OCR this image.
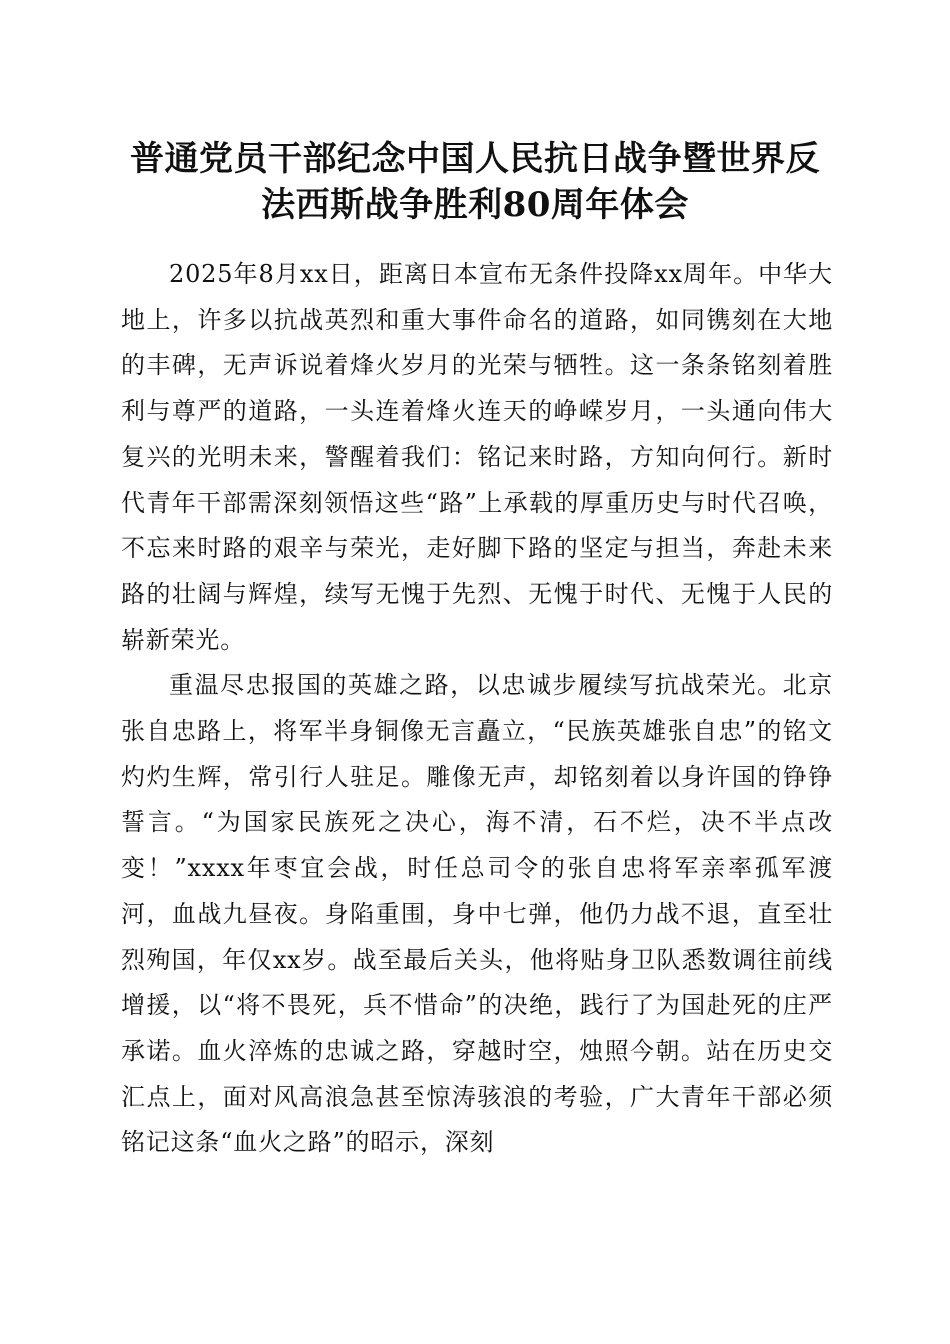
普通党员干部纪念中国人民抗日战争暨世界反
法西斯战争胜利80周年体会

2025年8月xx日，距离日本宣布无条件投降xx周年。中华大地上，许多以抗战英烈和重大事件命名的道路，如同镌刻在大地的丰碑，无声诉说着烽火岁月的光荣与牺牲。这一条条铭刻着胜利与尊严的道路，一头连着烽火连天的峥嵘岁月，一头通向伟大复兴的光明未来，警醒着我们：铭记来时路，方知向何行。新时代青年干部需深刻领悟这些“路”上承载的厚重历史与时代召唤，不忘来时路的艰辛与荣光，走好脚下路的坚定与担当，奔赴未来路的壮阔与辉煌，续写无愧于先烈、无愧于时代、无愧于人民的崭新荣光。

重温尽忠报国的英雄之路，以忠诚步履续写抗战荣光。北京张自忠路上，将军半身铜像无言矗立，“民族英雄张自忠”的铭文灼灼生辉，常引行人驻足。雕像无声，却铭刻着以身许国的铮铮誓言。“为国家民族死之决心，海不清，石不烂，决不半点改变！”xxxx年枣宜会战，时任总司令的张自忠将军亲率孤军渡河，血战九昼夜。身陷重围，身中七弹，他仍力战不退，直至壮烈殉国，年仅xx岁。战至最后关头，他将贴身卫队悉数调往前线增援，以“将不畏死，兵不惜命”的决绝，践行了为国赴死的庄严承诺。血火淬炼的忠诚之路，穿越时空，烛照今朝。站在历史交汇点上，面对风高浪急甚至惊涛骇浪的考验，广大青年干部必须铭记这条“血火之路”的昭示，深刻
